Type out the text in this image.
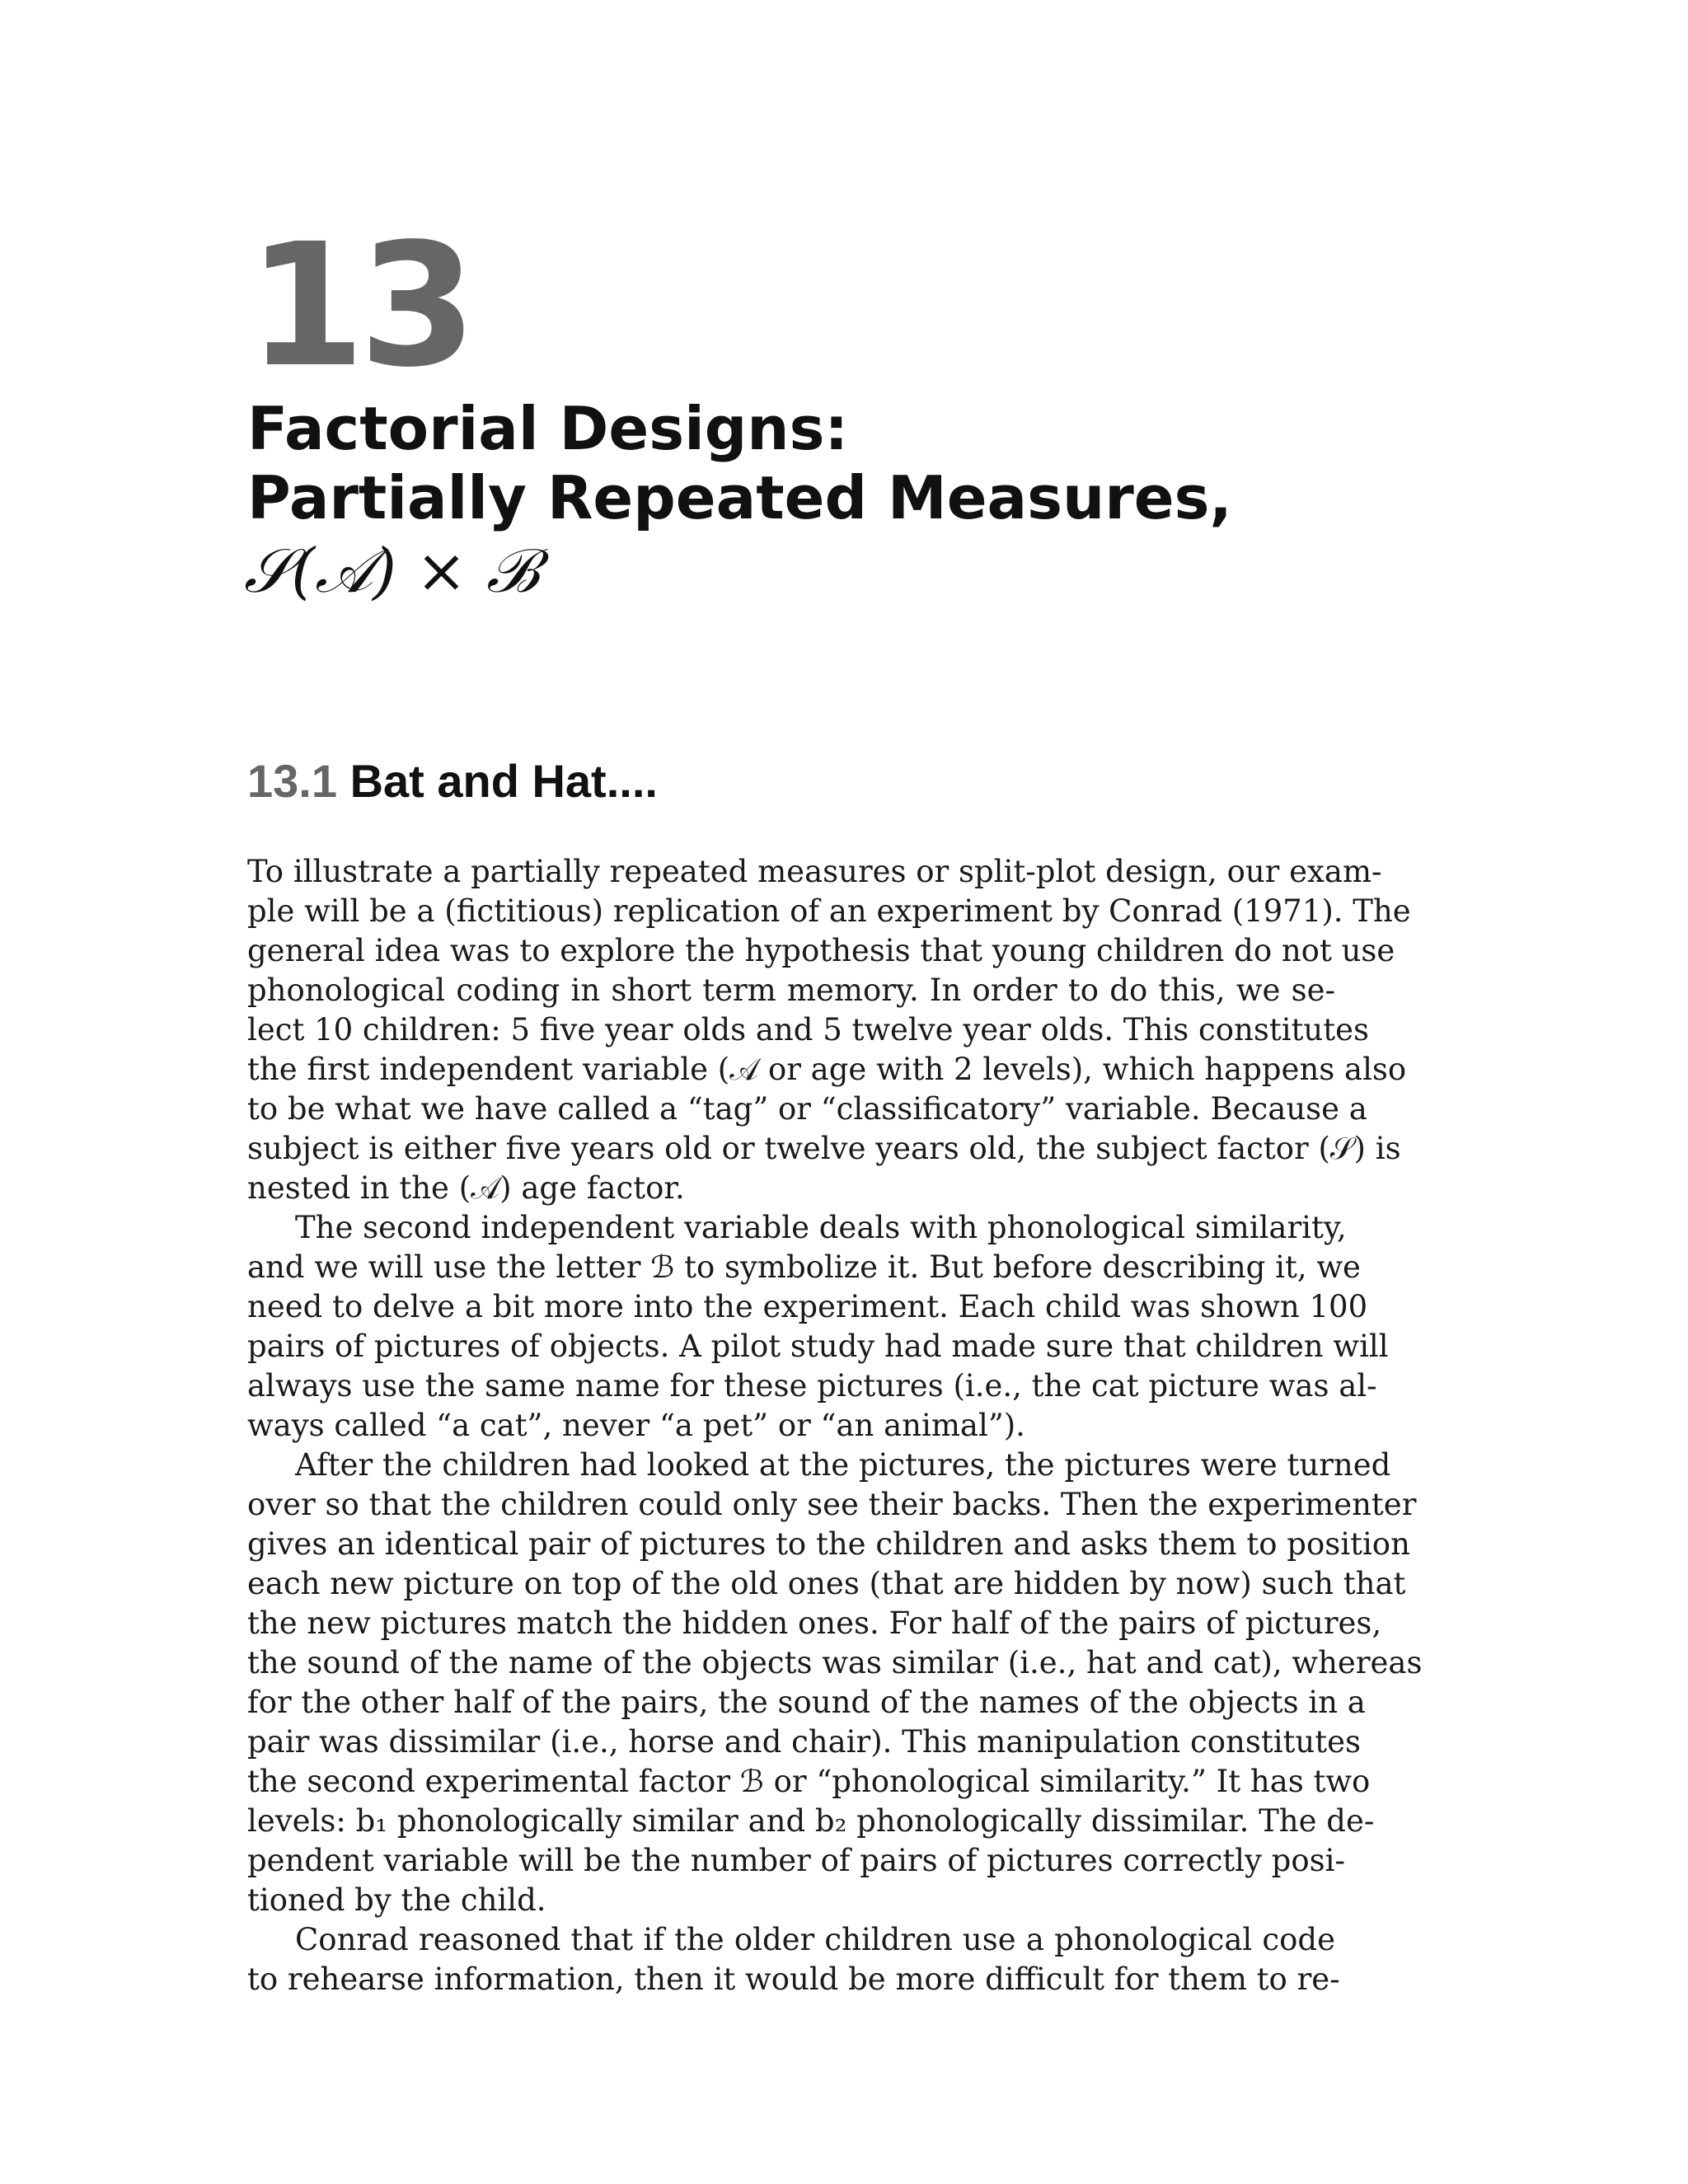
13
Factorial Designs:
Partially Repeated Measures,
𝒮(𝒜) × ℬ
13.1 Bat and Hat....
To illustrate a partially repeated measures or split-plot design, our exam-
ple will be a (fictitious) replication of an experiment by Conrad (1971). The
general idea was to explore the hypothesis that young children do not use
phonological coding in short term memory. In order to do this, we se-
lect 10 children: 5 five year olds and 5 twelve year olds. This constitutes
the first independent variable (𝒜 or age with 2 levels), which happens also
to be what we have called a “tag” or “classificatory” variable. Because a
subject is either five years old or twelve years old, the subject factor (𝒮) is
nested in the (𝒜) age factor.
The second independent variable deals with phonological similarity,
and we will use the letter ℬ to symbolize it. But before describing it, we
need to delve a bit more into the experiment. Each child was shown 100
pairs of pictures of objects. A pilot study had made sure that children will
always use the same name for these pictures (i.e., the cat picture was al-
ways called “a cat”, never “a pet” or “an animal”).
After the children had looked at the pictures, the pictures were turned
over so that the children could only see their backs. Then the experimenter
gives an identical pair of pictures to the children and asks them to position
each new picture on top of the old ones (that are hidden by now) such that
the new pictures match the hidden ones. For half of the pairs of pictures,
the sound of the name of the objects was similar (i.e., hat and cat), whereas
for the other half of the pairs, the sound of the names of the objects in a
pair was dissimilar (i.e., horse and chair). This manipulation constitutes
the second experimental factor ℬ or “phonological similarity.” It has two
levels: b₁ phonologically similar and b₂ phonologically dissimilar. The de-
pendent variable will be the number of pairs of pictures correctly posi-
tioned by the child.
Conrad reasoned that if the older children use a phonological code
to rehearse information, then it would be more difficult for them to re-
